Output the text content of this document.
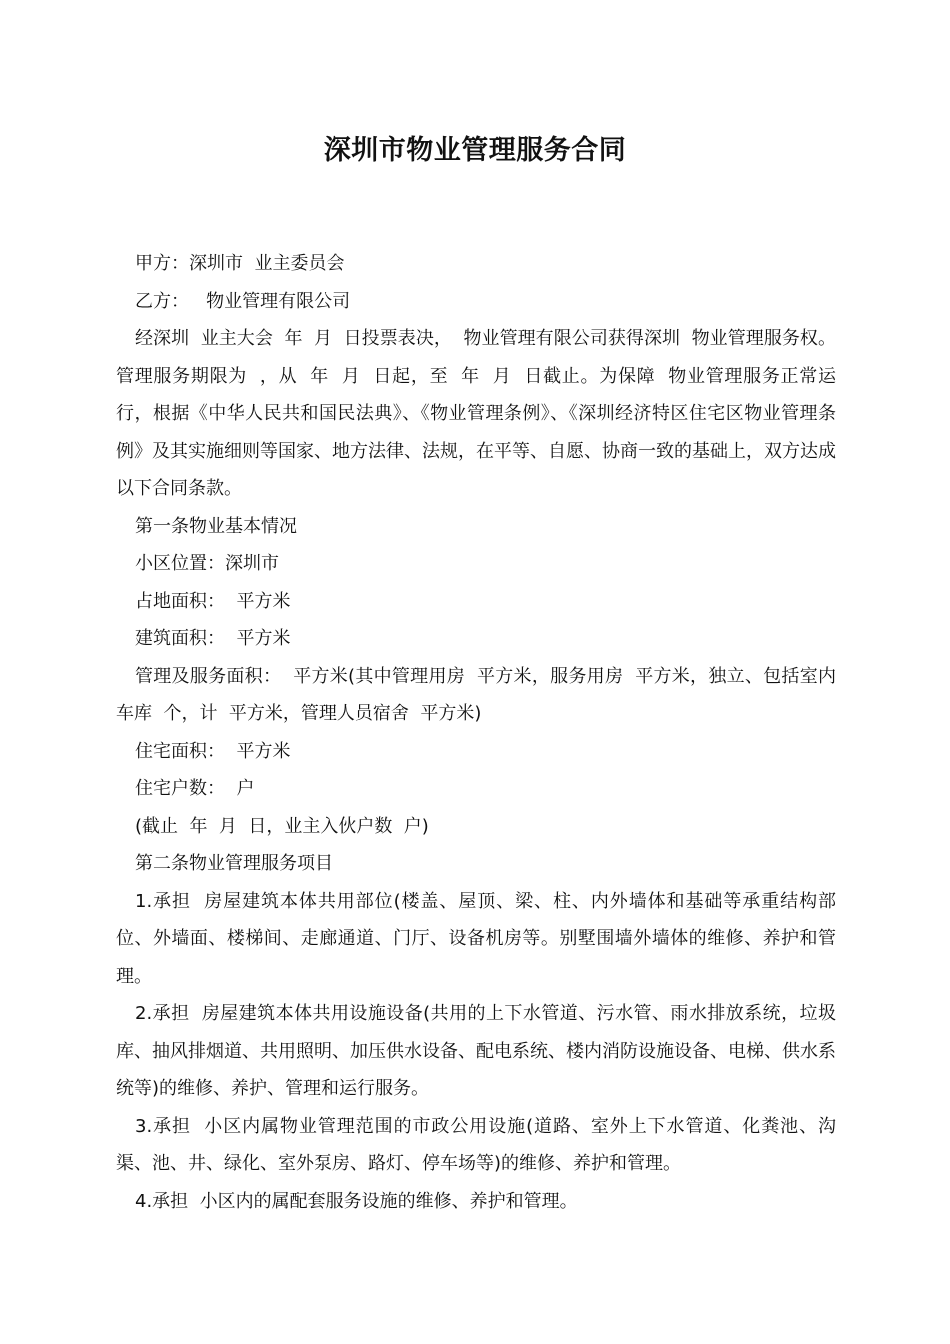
深圳市物业管理服务合同

甲方：深圳市  业主委员会

乙方：   物业管理有限公司

经深圳  业主大会  年  月  日投票表决，  物业管理有限公司获得深圳  物业管理服务权。管理服务期限为  ，从  年  月  日起，至  年  月  日截止。为保障  物业管理服务正常运行，根据《中华人民共和国民法典》、《物业管理条例》、《深圳经济特区住宅区物业管理条例》及其实施细则等国家、地方法律、法规，在平等、自愿、协商一致的基础上，双方达成以下合同条款。

第一条物业基本情况

小区位置：深圳市

占地面积：  平方米

建筑面积：  平方米

管理及服务面积：  平方米(其中管理用房  平方米，服务用房  平方米，独立、包括室内车库  个，计  平方米，管理人员宿舍  平方米)

住宅面积：  平方米

住宅户数：  户

(截止  年  月  日，业主入伙户数  户)

第二条物业管理服务项目

1.承担  房屋建筑本体共用部位(楼盖、屋顶、梁、柱、内外墙体和基础等承重结构部位、外墙面、楼梯间、走廊通道、门厅、设备机房等。别墅围墙外墙体的维修、养护和管理。

2.承担  房屋建筑本体共用设施设备(共用的上下水管道、污水管、雨水排放系统，垃圾库、抽风排烟道、共用照明、加压供水设备、配电系统、楼内消防设施设备、电梯、供水系统等)的维修、养护、管理和运行服务。

3.承担  小区内属物业管理范围的市政公用设施(道路、室外上下水管道、化粪池、沟渠、池、井、绿化、室外泵房、路灯、停车场等)的维修、养护和管理。

4.承担  小区内的属配套服务设施的维修、养护和管理。
